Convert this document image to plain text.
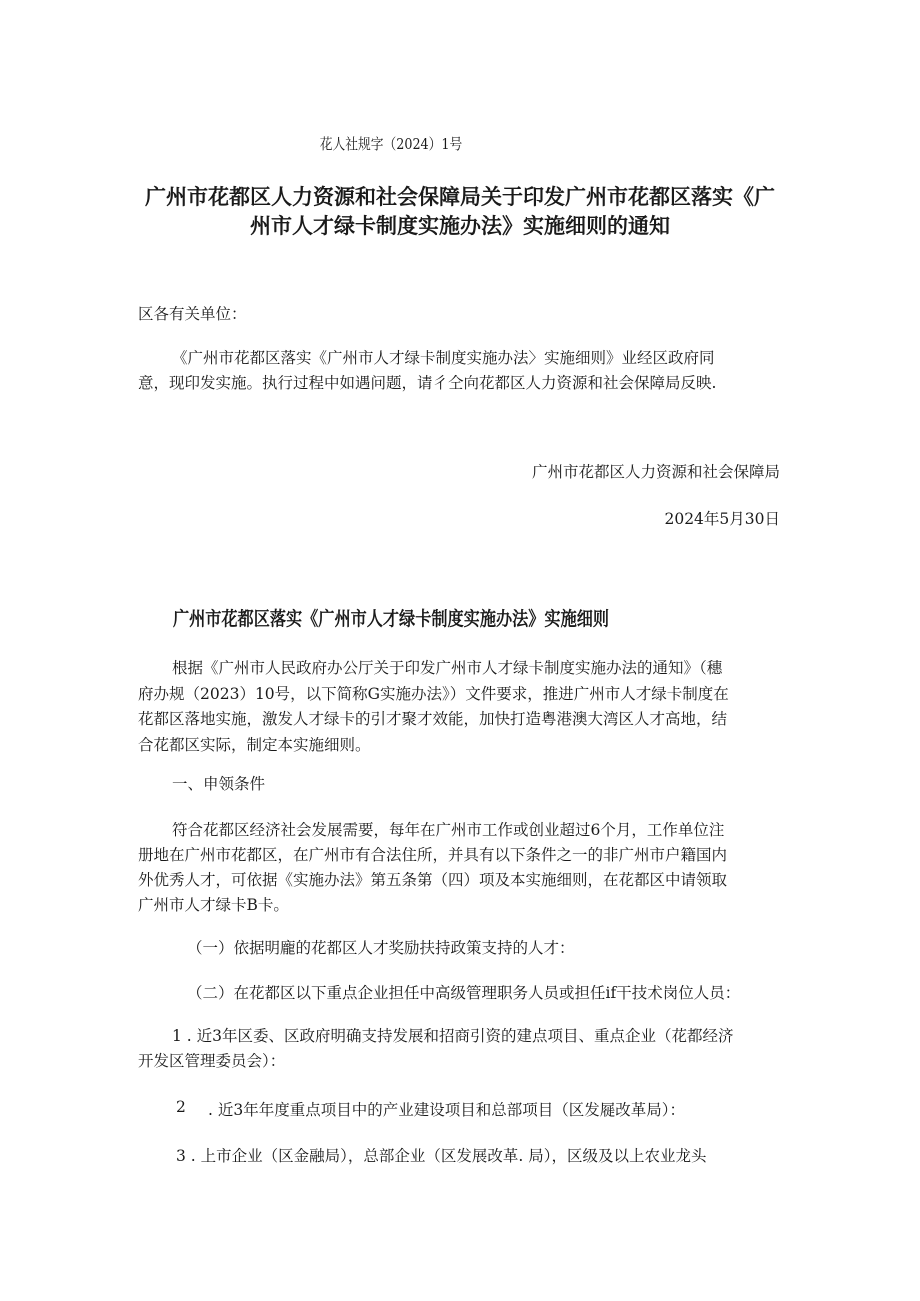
花人社规字（2024）1号
广州市花都区人力资源和社会保障局关于印发广州市花都区落实《广
州市人才绿卡制度实施办法》实施细则的通知
区各有关单位：
《广州市花都区落实《广州市人才绿卡制度实施办法〉实施细则》业经区政府同
意，现印发实施。执行过程中如遇问题，请彳仝向花都区人力资源和社会保障局反映.
广州市花都区人力资源和社会保障局
2024年5月30日
广州市花都区落实《广州市人才绿卡制度实施办法》实施细则
根据《广州市人民政府办公厅关于印发广州市人才绿卡制度实施办法的通知》（穗
府办规（2023）10号，以下简称G实施办法》）文件要求，推进广州市人才绿卡制度在
花都区落地实施，激发人才绿卡的引才聚才效能，加快打造粤港澳大湾区人才高地，结
合花都区实际，制定本实施细则。
一、申领条件
符合花都区经济社会发展需要，每年在广州市工作或创业超过6个月，工作单位注
册地在广州市花都区，在广州市有合法住所，并具有以下条件之一的非广州市户籍国内
外优秀人才，可依据《实施办法》第五条第（四）项及本实施细则，在花都区中请领取
广州市人才绿卡B卡。
（一）依据明龐的花都区人才奖励扶持政策支持的人才：
（二）在花都区以下重点企业担任中高级管理职务人员或担任if干技术岗位人员：
1 . 近3年区委、区政府明确支持发展和招商引资的建点项目、重点企业（花都经济
开发区管理委员会）：
2 . 近3年年度重点项目中的产业建设项目和总部项目（区发屣改革局）：
3 . 上市企业（区金融局），总部企业（区发展改革. 局），区级及以上农业龙头
